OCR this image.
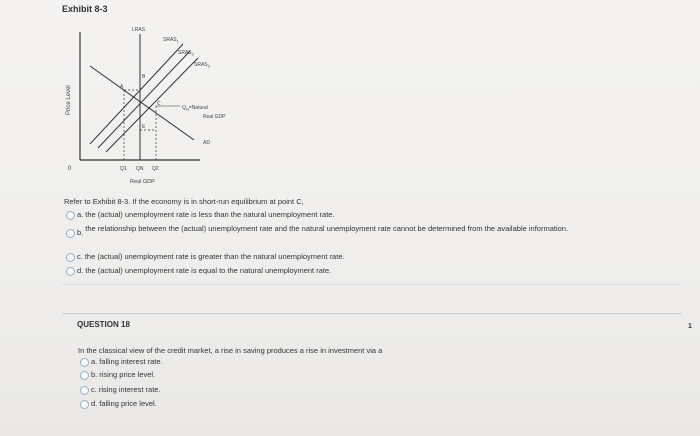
Exhibit 8-3
Price Level
0
Real GDP
LRAS
$SRAS_1$
$SRAS_2$
$SRAS_3$
AD
$Q_N=Natural$
Real GDP
A
B
C
E
Q1 QN Q2
Refer to Exhibit 8-3. If the economy is in short-run equilibrium at point C,
a. the (actual) unemployment rate is less than the natural unemployment rate.
b. the relationship between the (actual) unemployment rate and the natural unemployment rate cannot be determined from the available information.
c. the (actual) unemployment rate is greater than the natural unemployment rate.
d. the (actual) unemployment rate is equal to the natural unemployment rate.
QUESTION 18	1
In the classical view of the credit market, a rise in saving produces a rise in investment via a
a. falling interest rate.
b. rising price level.
c. rising interest rate.
d. falling price level.
